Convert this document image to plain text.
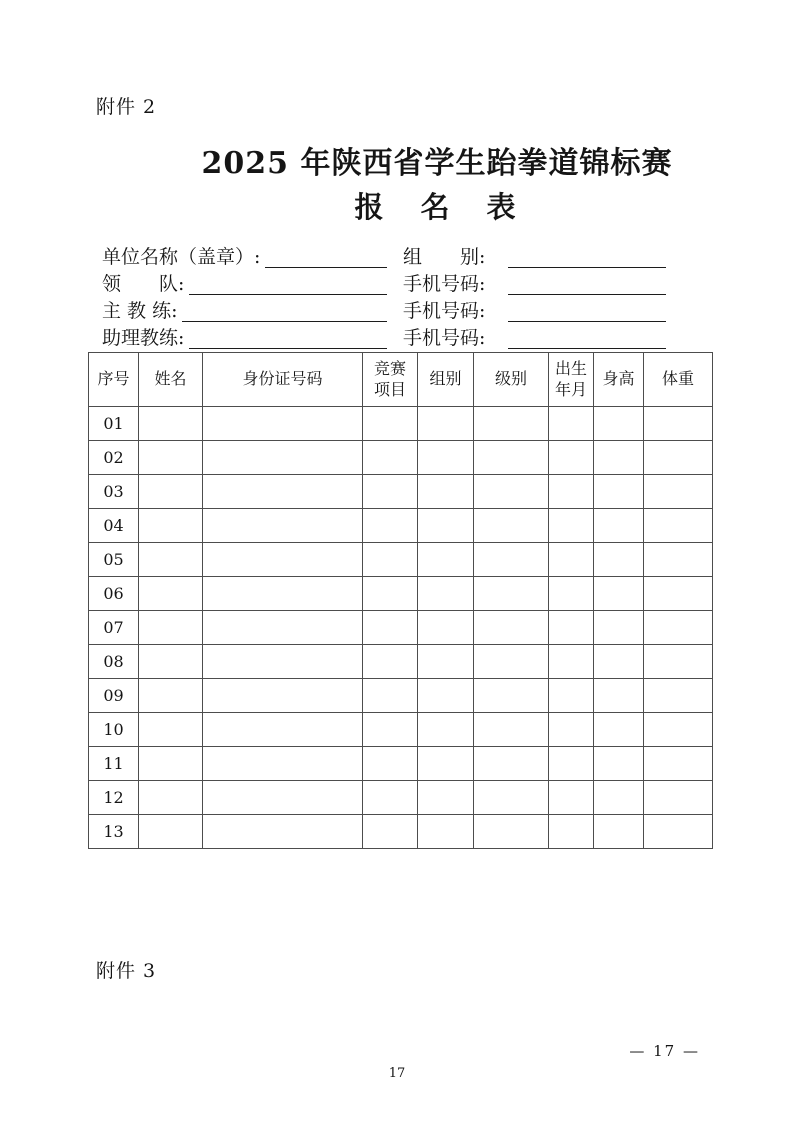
附件 2
2025 年陕西省学生跆拳道锦标赛
报　名　表
单位名称（盖章）:	组　　别:
领　　队:	手机号码:
主 教 练:	手机号码:
助理教练:	手机号码:
序号	姓名	身份证号码	竞赛项目	组别	级别	出生年月	身高	体重
01								
02								
03								
04								
05								
06								
07								
08								
09								
10								
11								
12								
13								
附件 3
— 17 —
17
